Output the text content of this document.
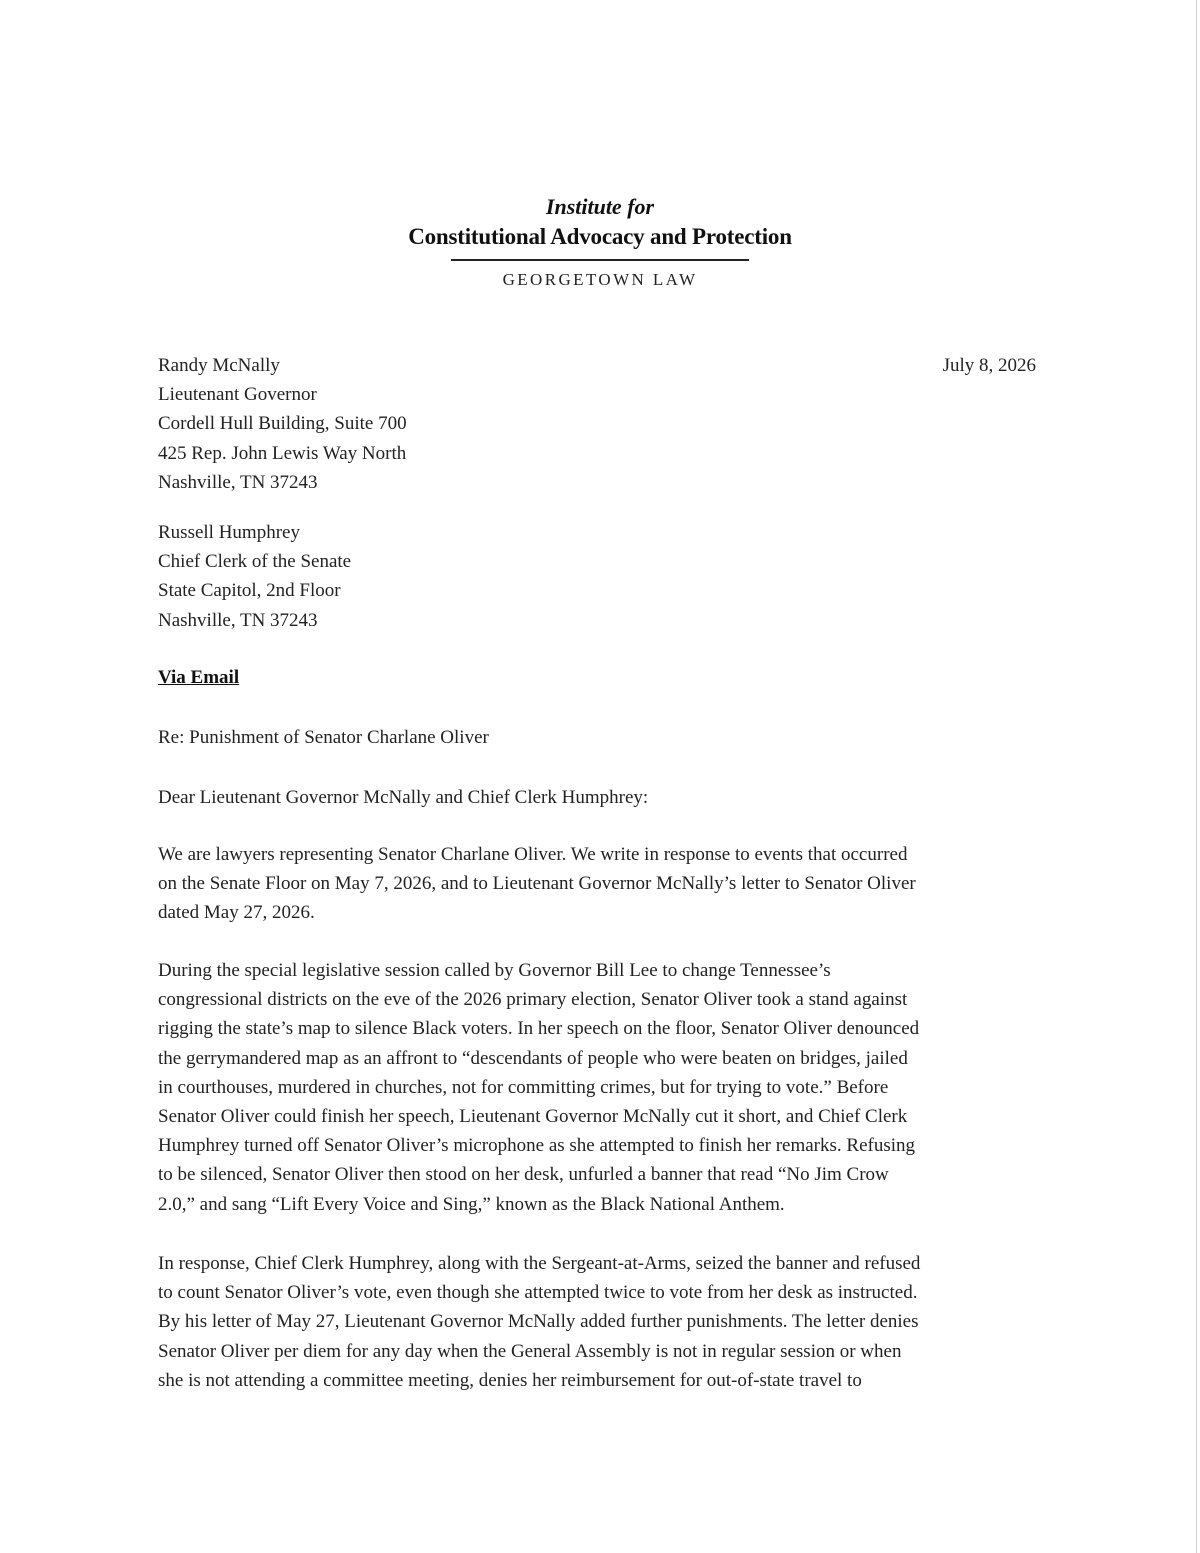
Institute for
Constitutional Advocacy and Protection
GEORGETOWN LAW
July 8, 2026
Randy McNally
Lieutenant Governor
Cordell Hull Building, Suite 700
425 Rep. John Lewis Way North
Nashville, TN 37243
Russell Humphrey
Chief Clerk of the Senate
State Capitol, 2nd Floor
Nashville, TN 37243
Via Email
Re: Punishment of Senator Charlane Oliver
Dear Lieutenant Governor McNally and Chief Clerk Humphrey:
We are lawyers representing Senator Charlane Oliver. We write in response to events that occurred
on the Senate Floor on May 7, 2026, and to Lieutenant Governor McNally’s letter to Senator Oliver
dated May 27, 2026.
During the special legislative session called by Governor Bill Lee to change Tennessee’s
congressional districts on the eve of the 2026 primary election, Senator Oliver took a stand against
rigging the state’s map to silence Black voters. In her speech on the floor, Senator Oliver denounced
the gerrymandered map as an affront to “descendants of people who were beaten on bridges, jailed
in courthouses, murdered in churches, not for committing crimes, but for trying to vote.” Before
Senator Oliver could finish her speech, Lieutenant Governor McNally cut it short, and Chief Clerk
Humphrey turned off Senator Oliver’s microphone as she attempted to finish her remarks. Refusing
to be silenced, Senator Oliver then stood on her desk, unfurled a banner that read “No Jim Crow
2.0,” and sang “Lift Every Voice and Sing,” known as the Black National Anthem.
In response, Chief Clerk Humphrey, along with the Sergeant-at-Arms, seized the banner and refused
to count Senator Oliver’s vote, even though she attempted twice to vote from her desk as instructed.
By his letter of May 27, Lieutenant Governor McNally added further punishments. The letter denies
Senator Oliver per diem for any day when the General Assembly is not in regular session or when
she is not attending a committee meeting, denies her reimbursement for out-of-state travel to
